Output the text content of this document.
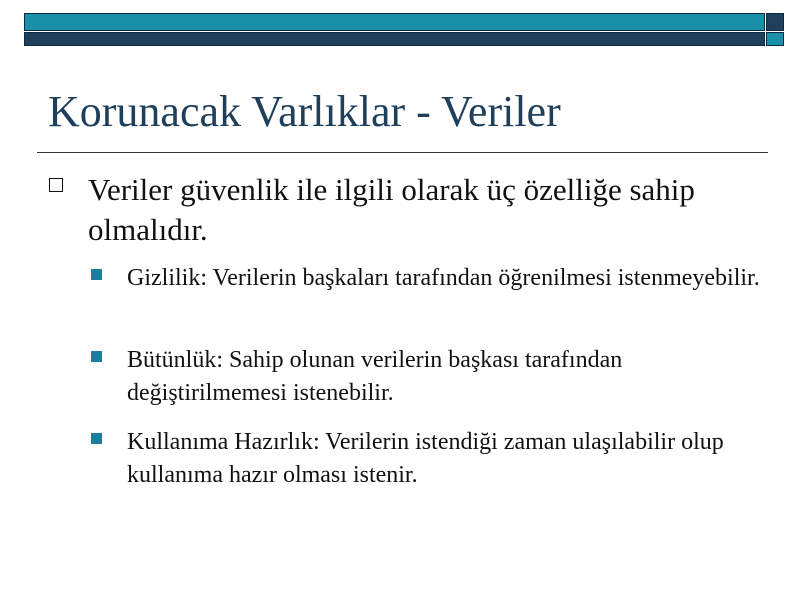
Korunacak Varlıklar - Veriler
Veriler güvenlik ile ilgili olarak üç özelliğe sahip olmalıdır.
Gizlilik: Verilerin başkaları tarafından öğrenilmesi istenmeyebilir.
Bütünlük: Sahip olunan verilerin başkası tarafından değiştirilmemesi istenebilir.
Kullanıma Hazırlık: Verilerin istendiği zaman ulaşılabilir olup kullanıma hazır olması istenir.
